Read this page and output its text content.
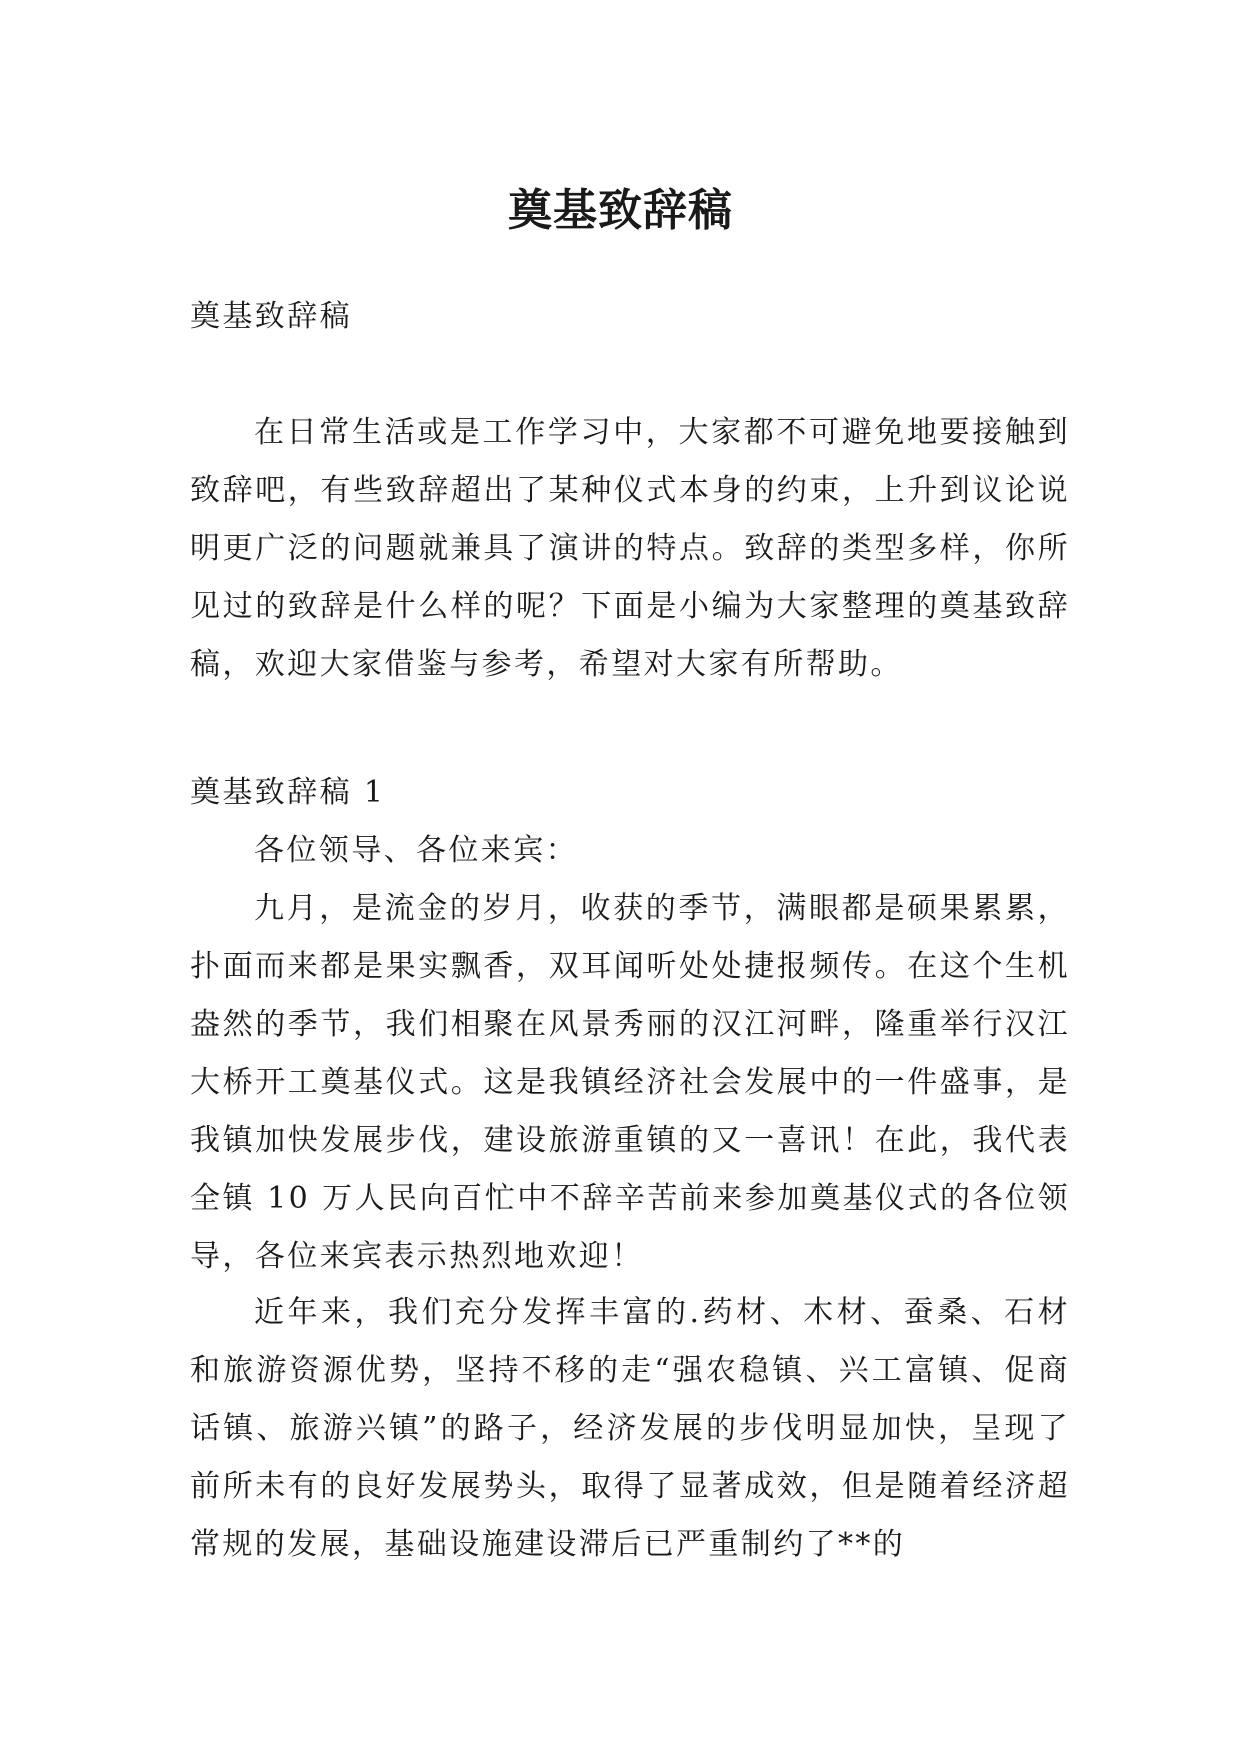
奠基致辞稿

奠基致辞稿

在日常生活或是工作学习中，大家都不可避免地要接触到致辞吧，有些致辞超出了某种仪式本身的约束，上升到议论说明更广泛的问题就兼具了演讲的特点。致辞的类型多样，你所见过的致辞是什么样的呢？下面是小编为大家整理的奠基致辞稿，欢迎大家借鉴与参考，希望对大家有所帮助。

奠基致辞稿 1

各位领导、各位来宾：

九月，是流金的岁月，收获的季节，满眼都是硕果累累，扑面而来都是果实飘香，双耳闻听处处捷报频传。在这个生机盎然的季节，我们相聚在风景秀丽的汉江河畔，隆重举行汉江大桥开工奠基仪式。这是我镇经济社会发展中的一件盛事，是我镇加快发展步伐，建设旅游重镇的又一喜讯！在此，我代表全镇 10 万人民向百忙中不辞辛苦前来参加奠基仪式的各位领导，各位来宾表示热烈地欢迎！

近年来，我们充分发挥丰富的.药材、木材、蚕桑、石材和旅游资源优势，坚持不移的走“强农稳镇、兴工富镇、促商话镇、旅游兴镇”的路子，经济发展的步伐明显加快，呈现了前所未有的良好发展势头，取得了显著成效，但是随着经济超常规的发展，基础设施建设滞后已严重制约了**的
